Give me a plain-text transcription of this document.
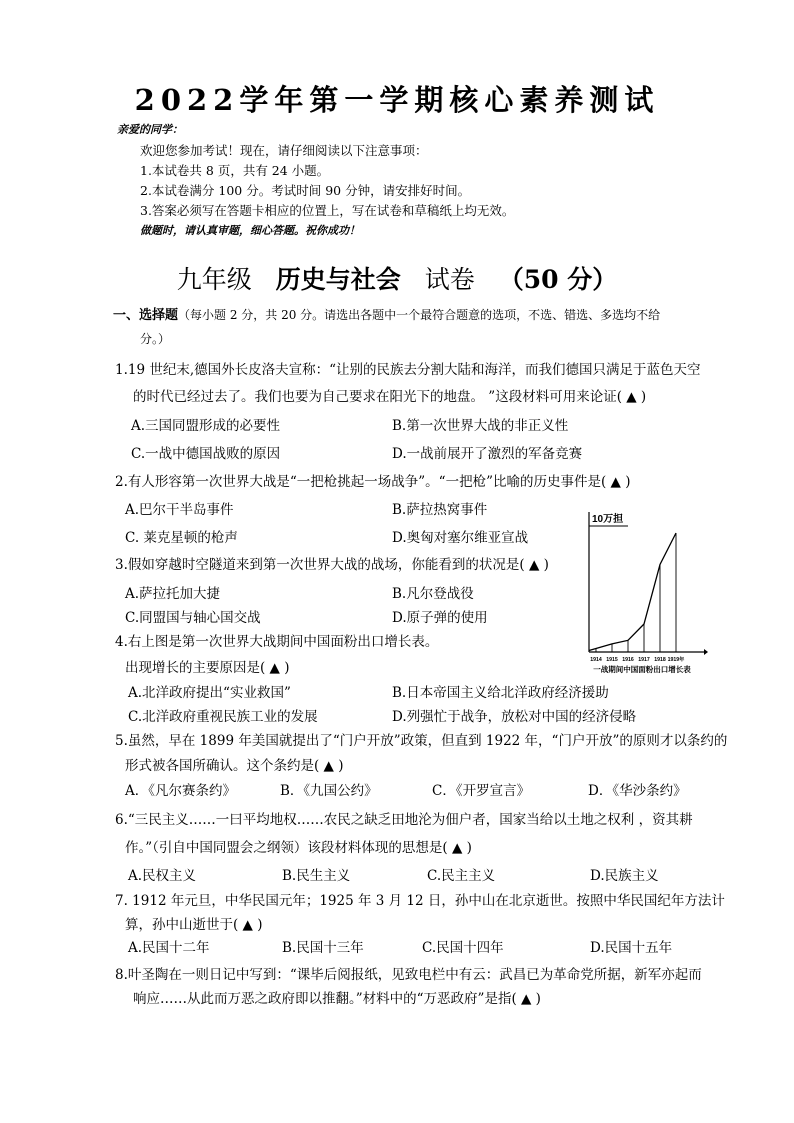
2022学年第一学期核心素养测试
亲爱的同学：
欢迎您参加考试！现在，请仔细阅读以下注意事项：
1.本试卷共 8 页，共有 24 小题。
2.本试卷满分 100 分。考试时间 90 分钟，请安排好时间。
3.答案必须写在答题卡相应的位置上，写在试卷和草稿纸上均无效。
做题时，请认真审题，细心答题。祝你成功！
九年级 历史与社会 试卷 （50 分）
一、选择题（每小题 2 分，共 20 分。请选出各题中一个最符合题意的选项，不选、错选、多选均不给
分。）
1.19 世纪末,德国外长皮洛夫宣称：“让别的民族去分割大陆和海洋，而我们德国只满足于蓝色天空
的时代已经过去了。我们也要为自己要求在阳光下的地盘。 ”这段材料可用来论证( ▲ )
A.三国同盟形成的必要性	B.第一次世界大战的非正义性
C.一战中德国战败的原因	D.一战前展开了激烈的军备竞赛
2.有人形容第一次世界大战是“一把枪挑起一场战争”。“一把枪”比喻的历史事件是( ▲ )
A.巴尔干半岛事件	B.萨拉热窝事件
C. 莱克星顿的枪声	D.奥匈对塞尔维亚宣战
3.假如穿越时空隧道来到第一次世界大战的战场，你能看到的状况是( ▲ )
A.萨拉托加大捷	B.凡尔登战役
C.同盟国与轴心国交战	D.原子弹的使用
4.右上图是第一次世界大战期间中国面粉出口增长表。
出现增长的主要原因是( ▲ )
A.北洋政府提出“实业救国”	B.日本帝国主义给北洋政府经济援助
C.北洋政府重视民族工业的发展	D.列强忙于战争，放松对中国的经济侵略
5.虽然，早在 1899 年美国就提出了“门户开放”政策，但直到 1922 年，“门户开放”的原则才以条约的
形式被各国所确认。这个条约是( ▲ )
A．《凡尔赛条约》	B．《九国公约》	C．《开罗宣言》	D．《华沙条约》
6.“三民主义……一曰平均地权……农民之缺乏田地沦为佃户者，国家当给以土地之权利 ，资其耕
作。”（引自中国同盟会之纲领）该段材料体现的思想是( ▲ )
A.民权主义	B.民生主义	C.民主主义	D.民族主义
7. 1912 年元旦，中华民国元年；1925 年 3 月 12 日，孙中山在北京逝世。按照中华民国纪年方法计
算，孙中山逝世于( ▲ )
A.民国十二年	B.民国十三年	C.民国十四年	D.民国十五年
8.叶圣陶在一则日记中写到：“课毕后阅报纸，见致电栏中有云：武昌已为革命党所据，新军亦起而
响应……从此而万恶之政府即以推翻。”材料中的“万恶政府”是指( ▲ )
10万担
1914 1915 1916 1917 1918 1919年
一战期间中国面粉出口增长表
